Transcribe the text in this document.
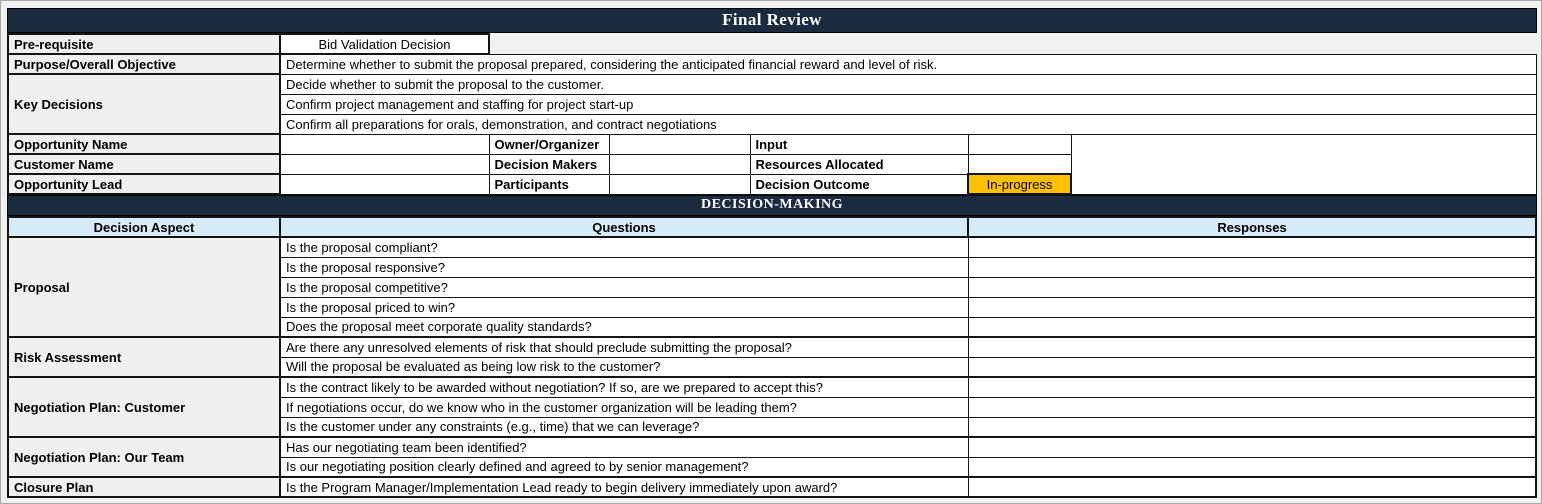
Final Review
Pre-requisite	Bid Validation Decision					
Purpose/Overall Objective	Determine whether to submit the proposal prepared, considering the anticipated financial reward and level of risk.					
Key Decisions	Decide whether to submit the proposal to the customer.					
	Confirm project management and staffing for project start-up					
	Confirm all preparations for orals, demonstration, and contract negotiations					
Opportunity Name		Owner/Organizer		Input		
Customer Name		Decision Makers		Resources Allocated		
Opportunity Lead		Participants		Decision Outcome	In-progress	
DECISION-MAKING
Decision Aspect	Questions	Responses
Proposal	Is the proposal compliant?	
	Is the proposal responsive?	
	Is the proposal competitive?	
	Is the proposal priced to win?	
	Does the proposal meet corporate quality standards?	
Risk Assessment	Are there any unresolved elements of risk that should preclude submitting the proposal?	
	Will the proposal be evaluated as being low risk to the customer?	
Negotiation Plan: Customer	Is the contract likely to be awarded without negotiation? If so, are we prepared to accept this?	
	If negotiations occur, do we know who in the customer organization will be leading them?	
	Is the customer under any constraints (e.g., time) that we can leverage?	
Negotiation Plan: Our Team	Has our negotiating team been identified?	
	Is our negotiating position clearly defined and agreed to by senior management?	
Closure Plan	Is the Program Manager/Implementation Lead ready to begin delivery immediately upon award?	
